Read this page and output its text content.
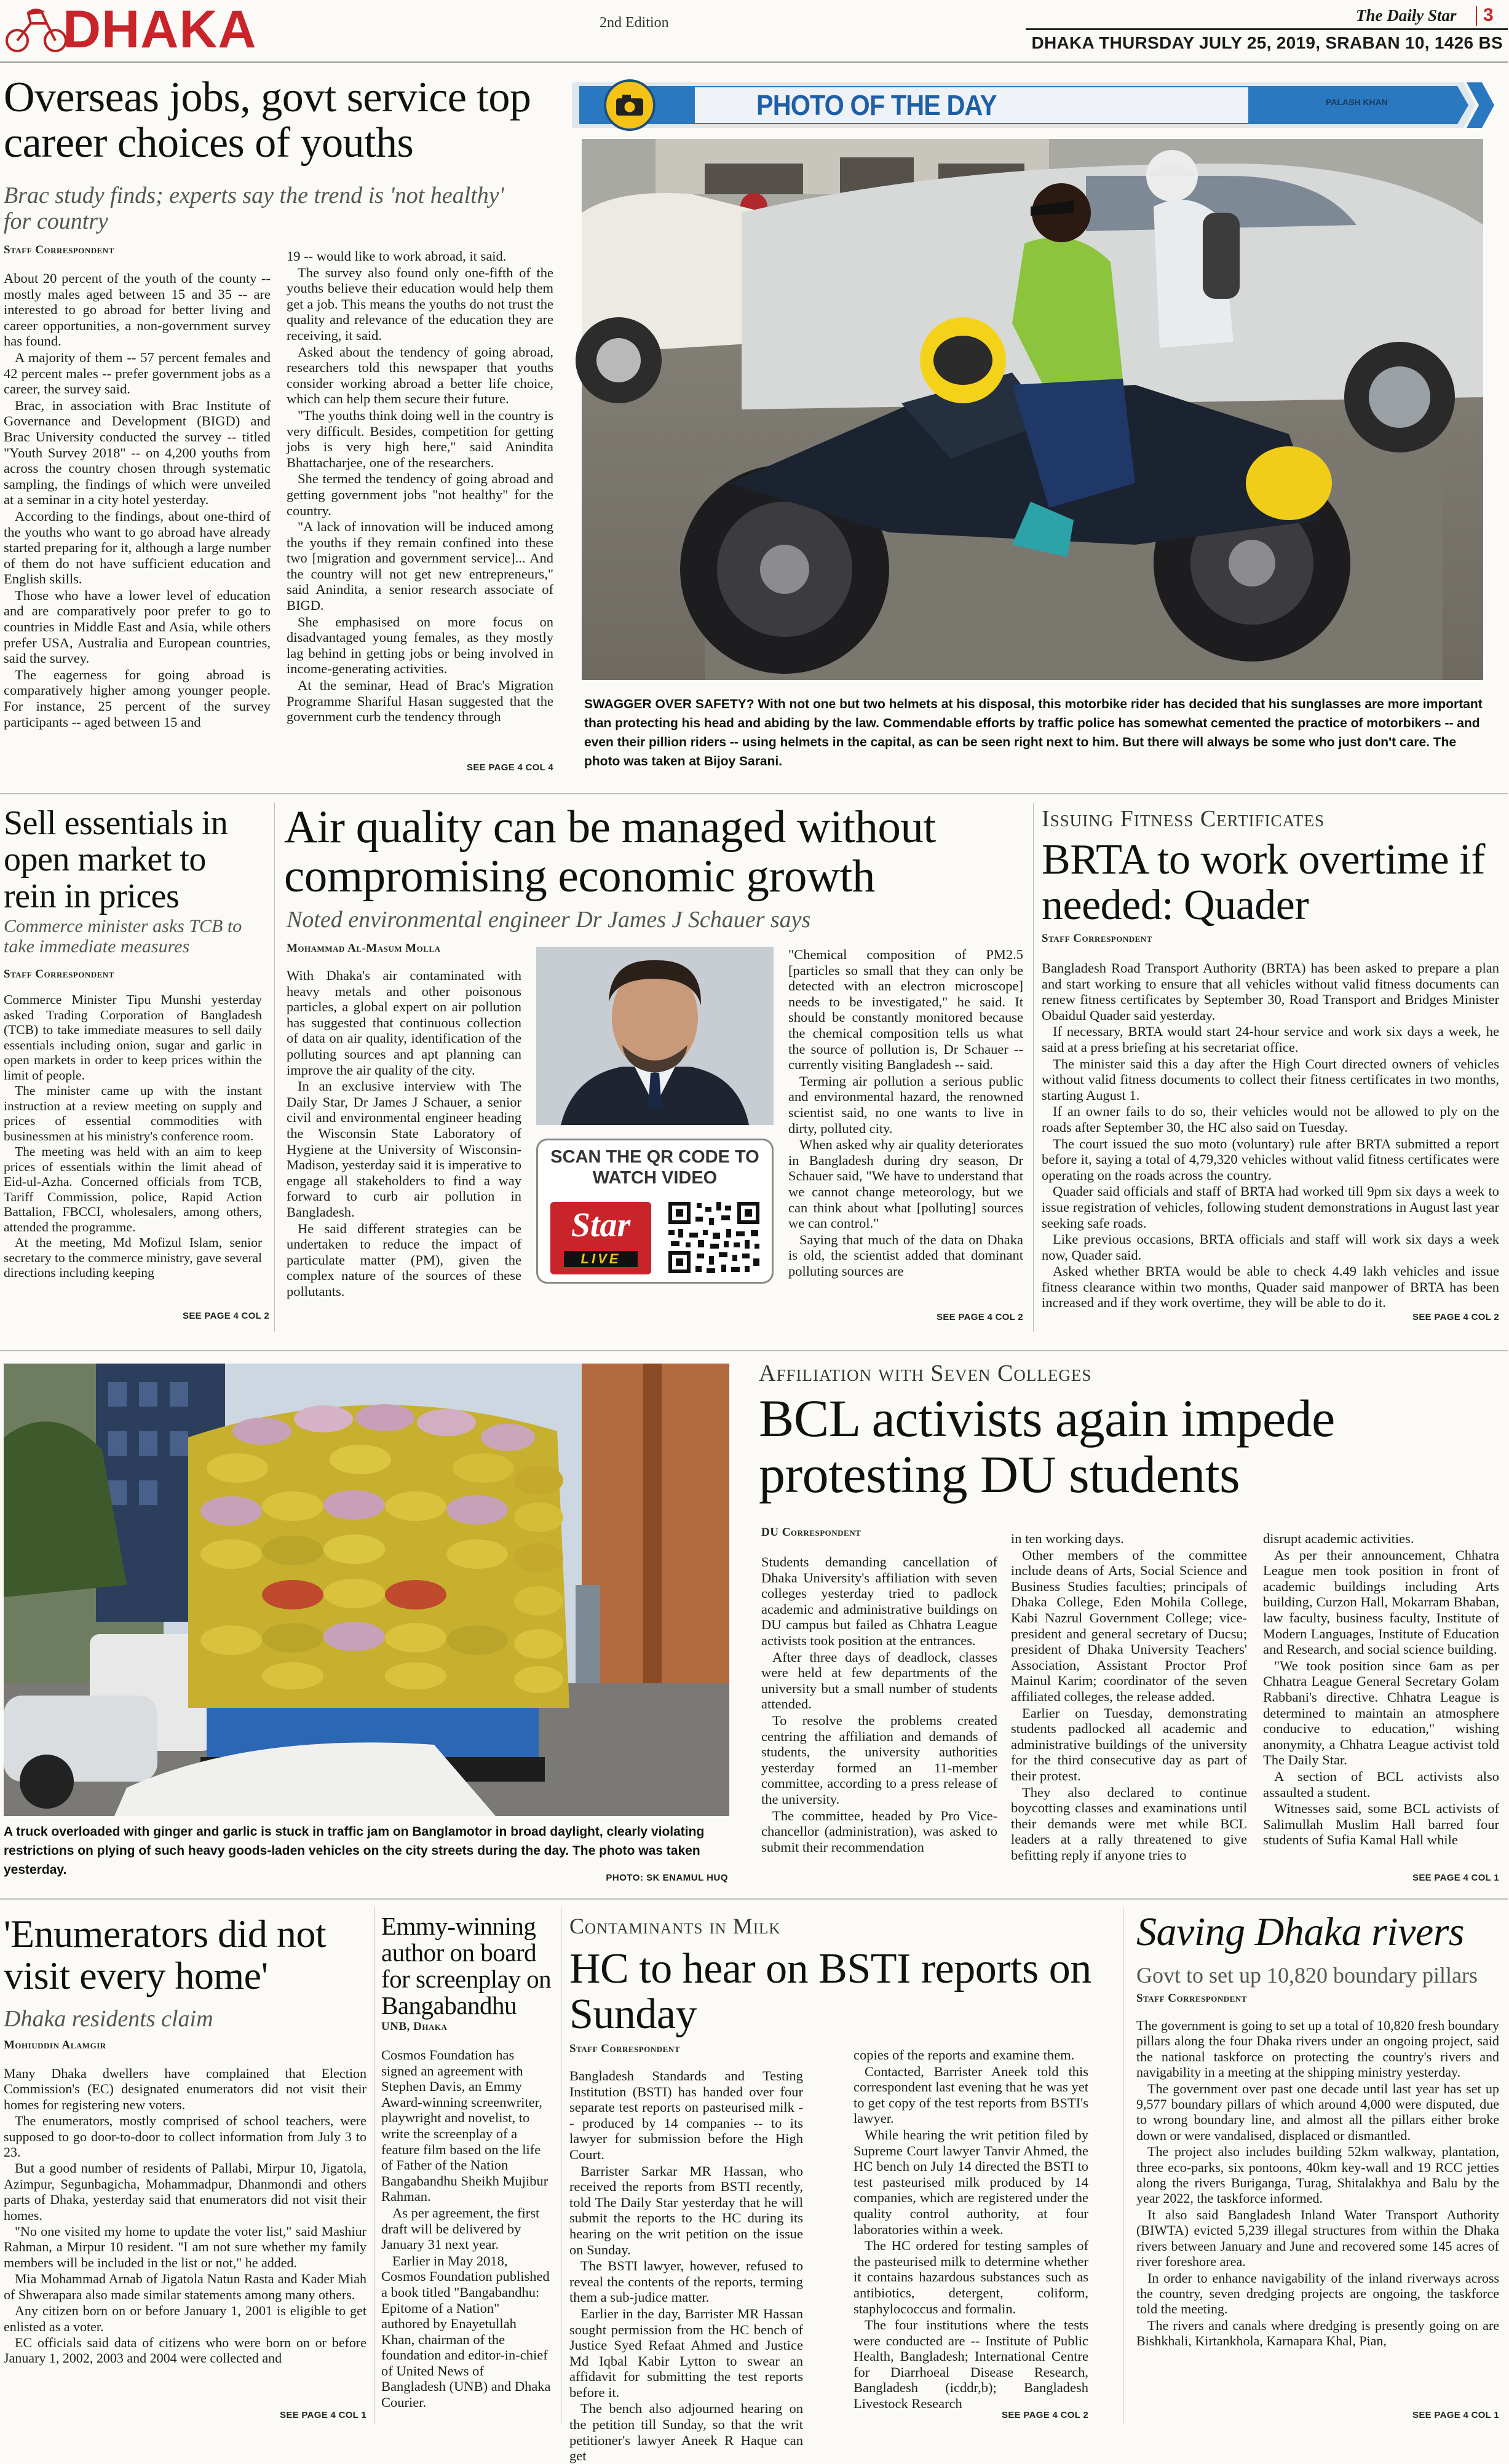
DHAKA	2nd Edition	The Daily Star 3
DHAKA THURSDAY JULY 25, 2019, SRABAN 10, 1426 BS
Overseas jobs, govt service top career choices of youths
Brac study finds; experts say the trend is 'not healthy' for country
Staff Correspondent

About 20 percent of the youth of the county -- mostly males aged between 15 and 35 -- are interested to go abroad for better living and career opportunities, a non-government survey has found.

A majority of them -- 57 percent females and 42 percent males -- prefer government jobs as a career, the survey said.

Brac, in association with Brac Institute of Governance and Development (BIGD) and Brac University conducted the survey -- titled "Youth Survey 2018" -- on 4,200 youths from across the country chosen through systematic sampling, the findings of which were unveiled at a seminar in a city hotel yesterday.

According to the findings, about one-third of the youths who want to go abroad have already started preparing for it, although a large number of them do not have sufficient education and English skills.

Those who have a lower level of education and are comparatively poor prefer to go to countries in Middle East and Asia, while others prefer USA, Australia and European countries, said the survey.

The eagerness for going abroad is comparatively higher among younger people. For instance, 25 percent of the survey participants -- aged between 15 and

19 -- would like to work abroad, it said.

The survey also found only one-fifth of the youths believe their education would help them get a job. This means the youths do not trust the quality and relevance of the education they are receiving, it said.

Asked about the tendency of going abroad, researchers told this newspaper that youths consider working abroad a better life choice, which can help them secure their future.

"The youths think doing well in the country is very difficult. Besides, competition for getting jobs is very high here," said Anindita Bhattacharjee, one of the researchers.

She termed the tendency of going abroad and getting government jobs "not healthy" for the country.

"A lack of innovation will be induced among the youths if they remain confined into these two [migration and government service]... And the country will not get new entrepreneurs," said Anindita, a senior research associate of BIGD.

She emphasised on more focus on disadvantaged young females, as they mostly lag behind in getting jobs or being involved in income-generating activities.

At the seminar, Head of Brac's Migration Programme Shariful Hasan suggested that the government curb the tendency through

SEE PAGE 4 COL 4
PHOTO OF THE DAY	PALASH KHAN
SWAGGER OVER SAFETY? With not one but two helmets at his disposal, this motorbike rider has decided that his sunglasses are more important than protecting his head and abiding by the law. Commendable efforts by traffic police has somewhat cemented the practice of motorbikers -- and even their pillion riders -- using helmets in the capital, as can be seen right next to him. But there will always be some who just don't care. The photo was taken at Bijoy Sarani.
Sell essentials in open market to rein in prices
Commerce minister asks TCB to take immediate measures
Staff Correspondent

Commerce Minister Tipu Munshi yesterday asked Trading Corporation of Bangladesh (TCB) to take immediate measures to sell daily essentials including onion, sugar and garlic in open markets in order to keep prices within the limit of people.

The minister came up with the instant instruction at a review meeting on supply and prices of essential commodities with businessmen at his ministry's conference room.

The meeting was held with an aim to keep prices of essentials within the limit ahead of Eid-ul-Azha. Concerned officials from TCB, Tariff Commission, police, Rapid Action Battalion, FBCCI, wholesalers, among others, attended the programme.

At the meeting, Md Mofizul Islam, senior secretary to the commerce ministry, gave several directions including keeping

SEE PAGE 4 COL 2
Air quality can be managed without compromising economic growth
Noted environmental engineer Dr James J Schauer says
Mohammad Al-Masum Molla

With Dhaka's air contaminated with heavy metals and other poisonous particles, a global expert on air pollution has suggested that continuous collection of data on air quality, identification of the polluting sources and apt planning can improve the air quality of the city.

In an exclusive interview with The Daily Star, Dr James J Schauer, a senior civil and environmental engineer heading the Wisconsin State Laboratory of Hygiene at the University of Wisconsin-Madison, yesterday said it is imperative to engage all stakeholders to find a way forward to curb air pollution in Bangladesh.

He said different strategies can be undertaken to reduce the impact of particulate matter (PM), given the complex nature of the sources of these pollutants.

SCAN THE QR CODE TO WATCH VIDEO
Star
LIVE

"Chemical composition of PM2.5 [particles so small that they can only be detected with an electron microscope] needs to be investigated," he said. It should be constantly monitored because the chemical composition tells us what the source of pollution is, Dr Schauer -- currently visiting Bangladesh -- said.

Terming air pollution a serious public and environmental hazard, the renowned scientist said, no one wants to live in dirty, polluted city.

When asked why air quality deteriorates in Bangladesh during dry season, Dr Schauer said, "We have to understand that we cannot change meteorology, but we can think about what [polluting] sources we can control."

Saying that much of the data on Dhaka is old, the scientist added that dominant polluting sources are

SEE PAGE 4 COL 2
Issuing Fitness Certificates
BRTA to work overtime if needed: Quader
Staff Correspondent

Bangladesh Road Transport Authority (BRTA) has been asked to prepare a plan and start working to ensure that all vehicles without valid fitness documents can renew fitness certificates by September 30, Road Transport and Bridges Minister Obaidul Quader said yesterday.

If necessary, BRTA would start 24-hour service and work six days a week, he said at a press briefing at his secretariat office.

The minister said this a day after the High Court directed owners of vehicles without valid fitness documents to collect their fitness certificates in two months, starting August 1.

If an owner fails to do so, their vehicles would not be allowed to ply on the roads after September 30, the HC also said on Tuesday.

The court issued the suo moto (voluntary) rule after BRTA submitted a report before it, saying a total of 4,79,320 vehicles without valid fitness certificates were operating on the roads across the country.

Quader said officials and staff of BRTA had worked till 9pm six days a week to issue registration of vehicles, following student demonstrations in August last year seeking safe roads.

Like previous occasions, BRTA officials and staff will work six days a week now, Quader said.

Asked whether BRTA would be able to check 4.49 lakh vehicles and issue fitness clearance within two months, Quader said manpower of BRTA has been increased and if they work overtime, they will be able to do it.

SEE PAGE 4 COL 2
A truck overloaded with ginger and garlic is stuck in traffic jam on Banglamotor in broad daylight, clearly violating restrictions on plying of such heavy goods-laden vehicles on the city streets during the day. The photo was taken yesterday.
PHOTO: SK ENAMUL HUQ
Affiliation with Seven Colleges
BCL activists again impede protesting DU students
DU Correspondent

Students demanding cancellation of Dhaka University's affiliation with seven colleges yesterday tried to padlock academic and administrative buildings on DU campus but failed as Chhatra League activists took position at the entrances.

After three days of deadlock, classes were held at few departments of the university but a small number of students attended.

To resolve the problems created centring the affiliation and demands of students, the university authorities yesterday formed an 11-member committee, according to a press release of the university.

The committee, headed by Pro Vice-chancellor (administration), was asked to submit their recommendation

in ten working days.

Other members of the committee include deans of Arts, Social Science and Business Studies faculties; principals of Dhaka College, Eden Mohila College, Kabi Nazrul Government College; vice-president and general secretary of Ducsu; president of Dhaka University Teachers' Association, Assistant Proctor Prof Mainul Karim; coordinator of the seven affiliated colleges, the release added.

Earlier on Tuesday, demonstrating students padlocked all academic and administrative buildings of the university for the third consecutive day as part of their protest.

They also declared to continue boycotting classes and examinations until their demands were met while BCL leaders at a rally threatened to give befitting reply if anyone tries to

disrupt academic activities.

As per their announcement, Chhatra League men took position in front of academic buildings including Arts building, Curzon Hall, Mokarram Bhaban, law faculty, business faculty, Institute of Modern Languages, Institute of Education and Research, and social science building.

"We took position since 6am as per Chhatra League General Secretary Golam Rabbani's directive. Chhatra League is determined to maintain an atmosphere conducive to education," wishing anonymity, a Chhatra League activist told The Daily Star.

A section of BCL activists also assaulted a student.

Witnesses said, some BCL activists of Salimullah Muslim Hall barred four students of Sufia Kamal Hall while

SEE PAGE 4 COL 1
'Enumerators did not visit every home'
Dhaka residents claim
Mohiuddin Alamgir

Many Dhaka dwellers have complained that Election Commission's (EC) designated enumerators did not visit their homes for registering new voters.

The enumerators, mostly comprised of school teachers, were supposed to go door-to-door to collect information from July 3 to 23.

But a good number of residents of Pallabi, Mirpur 10, Jigatola, Azimpur, Segunbagicha, Mohammadpur, Dhanmondi and others parts of Dhaka, yesterday said that enumerators did not visit their homes.

"No one visited my home to update the voter list," said Mashiur Rahman, a Mirpur 10 resident. "I am not sure whether my family members will be included in the list or not," he added.

Mia Mohammad Arnab of Jigatola Natun Rasta and Kader Miah of Shwerapara also made similar statements among many others.

Any citizen born on or before January 1, 2001 is eligible to get enlisted as a voter.

EC officials said data of citizens who were born on or before January 1, 2002, 2003 and 2004 were collected and

SEE PAGE 4 COL 1
Emmy-winning author on board for screenplay on Bangabandhu
UNB, Dhaka

Cosmos Foundation has signed an agreement with Stephen Davis, an Emmy Award-winning screenwriter, playwright and novelist, to write the screenplay of a feature film based on the life of Father of the Nation Bangabandhu Sheikh Mujibur Rahman.

As per agreement, the first draft will be delivered by January 31 next year.

Earlier in May 2018, Cosmos Foundation published a book titled "Bangabandhu: Epitome of a Nation" authored by Enayetullah Khan, chairman of the foundation and editor-in-chief of United News of Bangladesh (UNB) and Dhaka Courier.

Contaminants in Milk
HC to hear on BSTI reports on Sunday
Staff Correspondent

Bangladesh Standards and Testing Institution (BSTI) has handed over four separate test reports on pasteurised milk -- produced by 14 companies -- to its lawyer for submission before the High Court.

Barrister Sarkar MR Hassan, who received the reports from BSTI recently, told The Daily Star yesterday that he will submit the reports to the HC during its hearing on the writ petition on the issue on Sunday.

The BSTI lawyer, however, refused to reveal the contents of the reports, terming them a sub-judice matter.

Earlier in the day, Barrister MR Hassan sought permission from the HC bench of Justice Syed Refaat Ahmed and Justice Md Iqbal Kabir Lytton to swear an affidavit for submitting the test reports before it.

The bench also adjourned hearing on the petition till Sunday, so that the writ petitioner's lawyer Aneek R Haque can get

copies of the reports and examine them.

Contacted, Barrister Aneek told this correspondent last evening that he was yet to get copy of the test reports from BSTI's lawyer.

While hearing the writ petition filed by Supreme Court lawyer Tanvir Ahmed, the HC bench on July 14 directed the BSTI to test pasteurised milk produced by 14 companies, which are registered under the quality control authority, at four laboratories within a week.

The HC ordered for testing samples of the pasteurised milk to determine whether it contains hazardous substances such as antibiotics, detergent, coliform, staphylococcus and formalin.

The four institutions where the tests were conducted are -- Institute of Public Health, Bangladesh; International Centre for Diarrhoeal Disease Research, Bangladesh (icddr,b); Bangladesh Livestock Research

SEE PAGE 4 COL 2
Saving Dhaka rivers
Govt to set up 10,820 boundary pillars
Staff Correspondent

The government is going to set up a total of 10,820 fresh boundary pillars along the four Dhaka rivers under an ongoing project, said the national taskforce on protecting the country's rivers and navigability in a meeting at the shipping ministry yesterday.

The government over past one decade until last year has set up 9,577 boundary pillars of which around 4,000 were disputed, due to wrong boundary line, and almost all the pillars either broke down or were vandalised, displaced or dismantled.

The project also includes building 52km walkway, plantation, three eco-parks, six pontoons, 40km key-wall and 19 RCC jetties along the rivers Buriganga, Turag, Shitalakhya and Balu by the year 2022, the taskforce informed.

It also said Bangladesh Inland Water Transport Authority (BIWTA) evicted 5,239 illegal structures from within the Dhaka rivers between January and June and recovered some 145 acres of river foreshore area.

In order to enhance navigability of the inland riverways across the country, seven dredging projects are ongoing, the taskforce told the meeting.

The rivers and canals where dredging is presently going on are Bishkhali, Kirtankhola, Karnapara Khal, Pian,

SEE PAGE 4 COL 1
